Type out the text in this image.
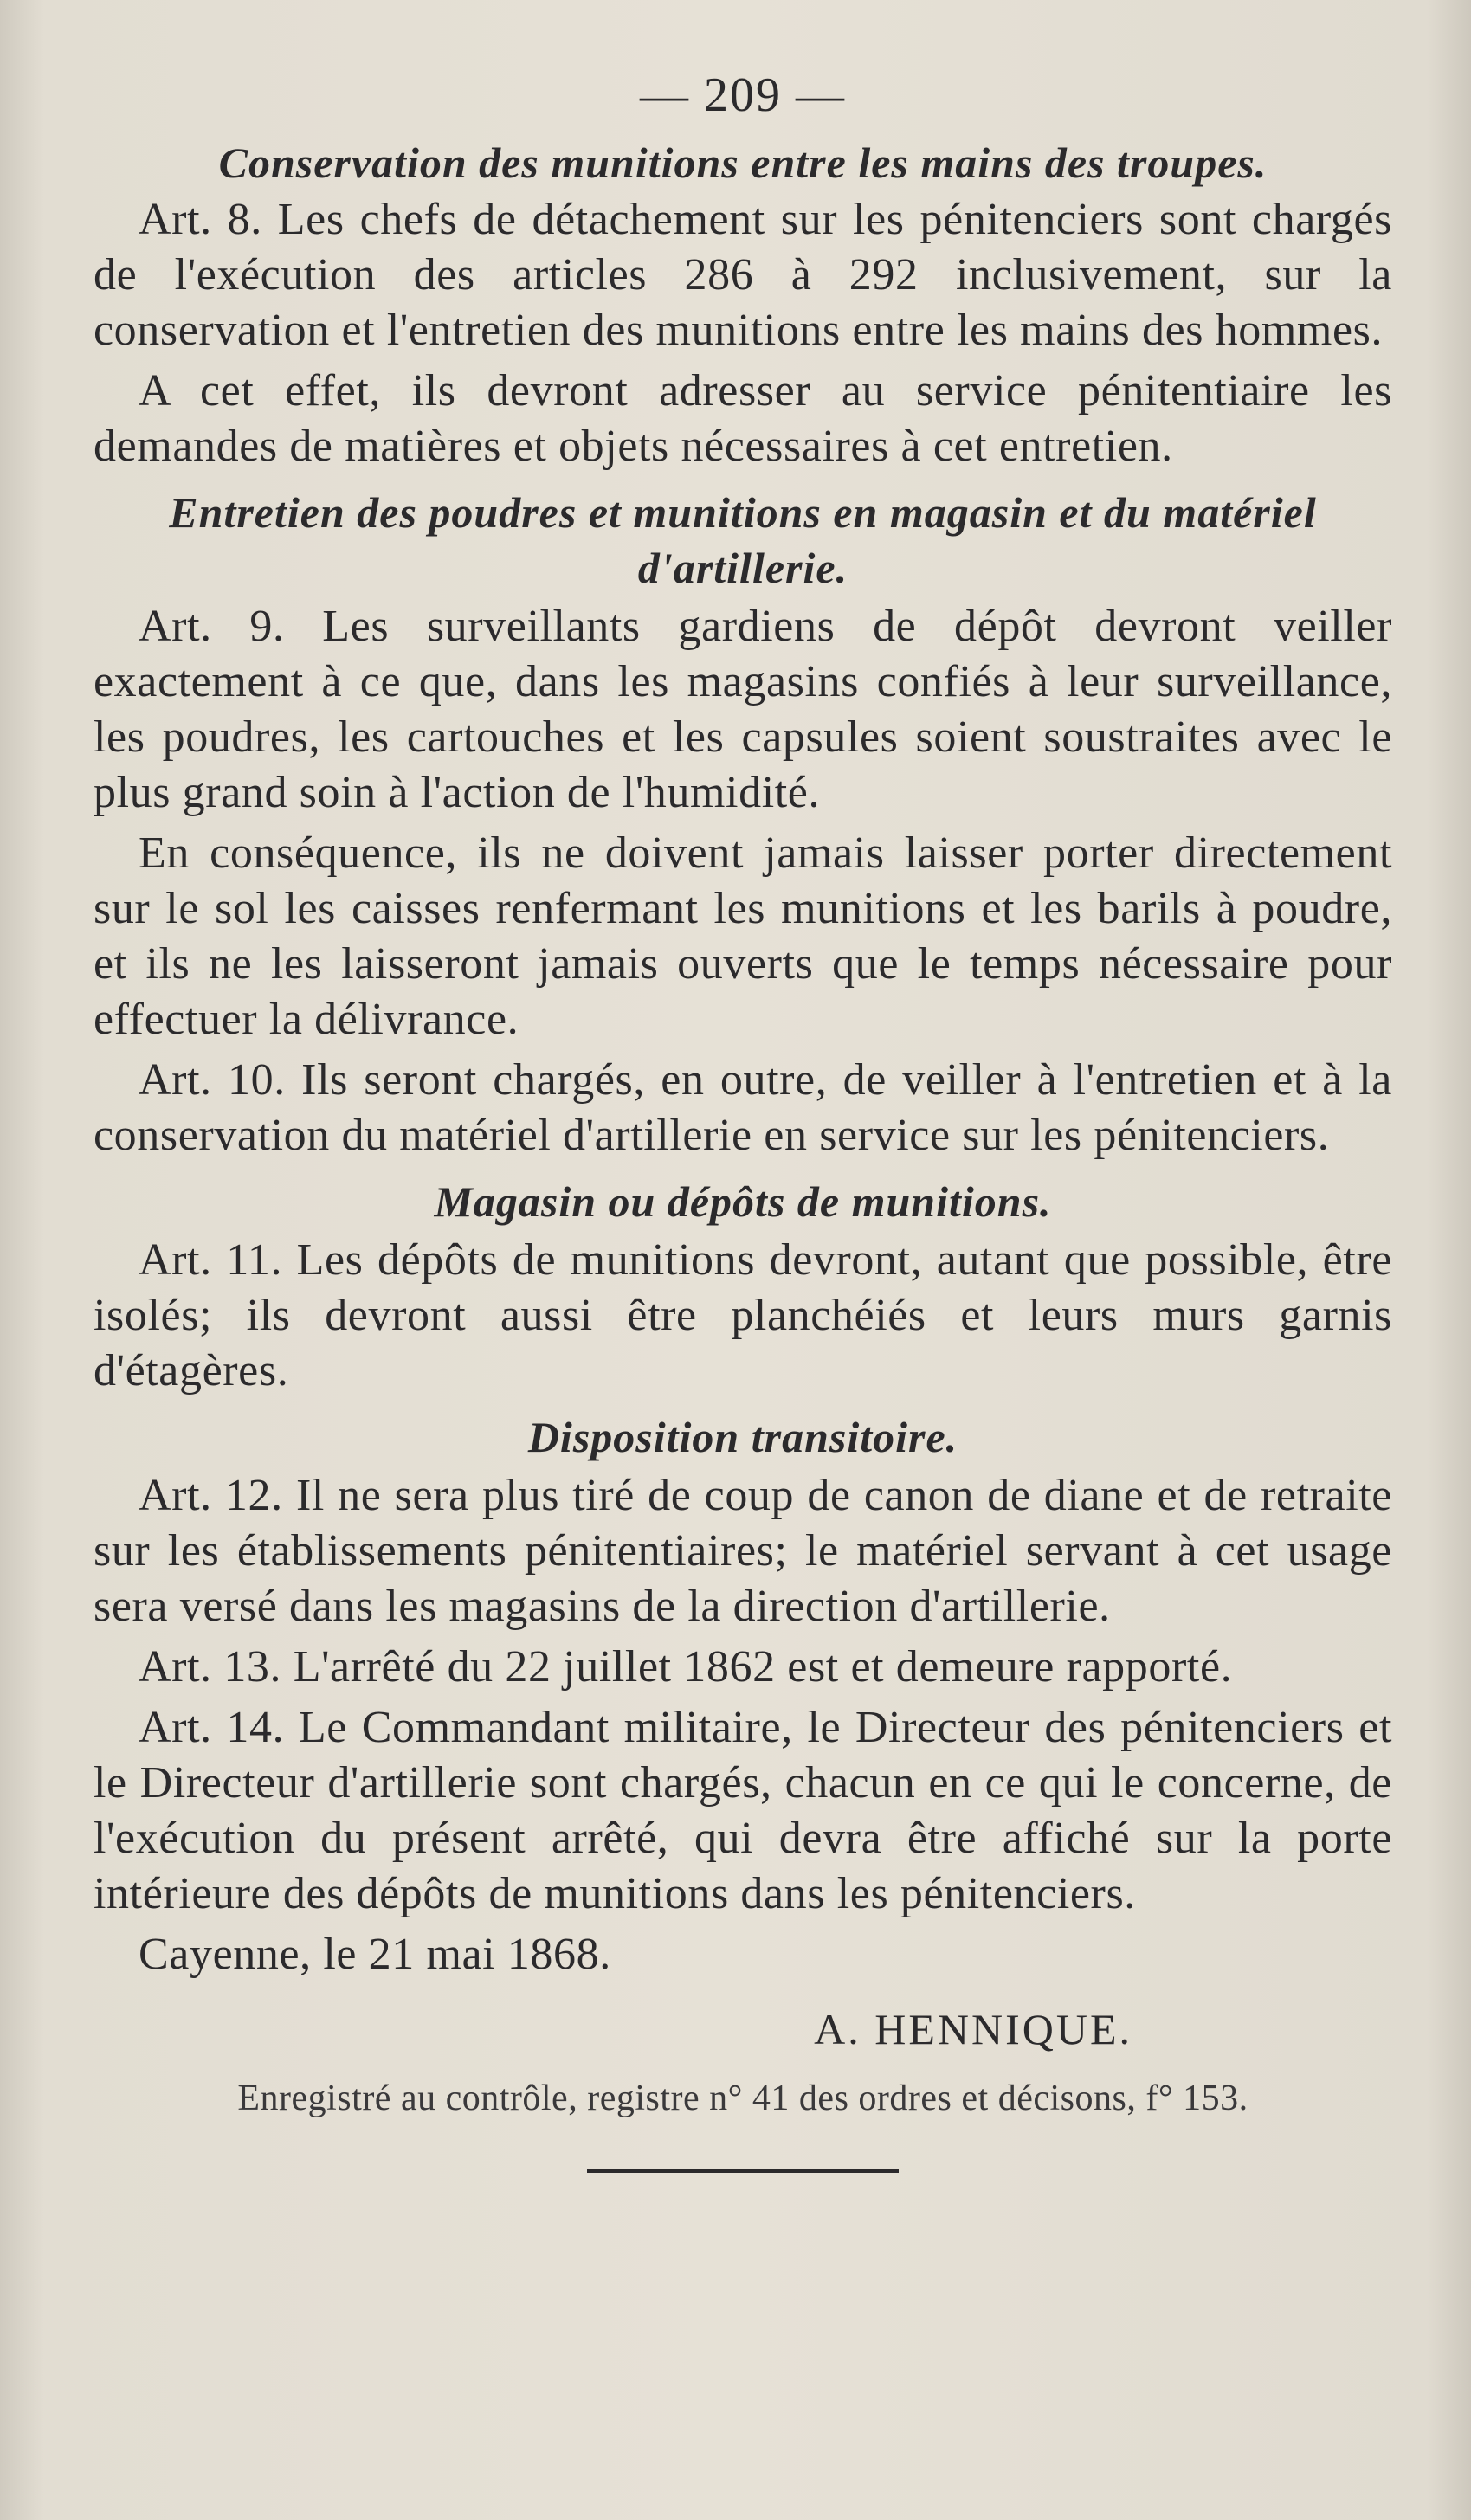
— 209 —
Conservation des munitions entre les mains des troupes.

Art. 8. Les chefs de détachement sur les pénitenciers sont chargés de l'exécution des articles 286 à 292 inclusivement, sur la conservation et l'entretien des munitions entre les mains des hommes.

A cet effet, ils devront adresser au service pénitentiaire les demandes de matières et objets nécessaires à cet entretien.

Entretien des poudres et munitions en magasin et du matériel d'artillerie.

Art. 9. Les surveillants gardiens de dépôt devront veiller exactement à ce que, dans les magasins confiés à leur surveillance, les poudres, les cartouches et les capsules soient soustraites avec le plus grand soin à l'action de l'humidité.

En conséquence, ils ne doivent jamais laisser porter directement sur le sol les caisses renfermant les munitions et les barils à poudre, et ils ne les laisseront jamais ouverts que le temps nécessaire pour effectuer la délivrance.

Art. 10. Ils seront chargés, en outre, de veiller à l'entretien et à la conservation du matériel d'artillerie en service sur les pénitenciers.

Magasin ou dépôts de munitions.

Art. 11. Les dépôts de munitions devront, autant que possible, être isolés; ils devront aussi être planchéiés et leurs murs garnis d'étagères.

Disposition transitoire.

Art. 12. Il ne sera plus tiré de coup de canon de diane et de retraite sur les établissements pénitentiaires; le matériel servant à cet usage sera versé dans les magasins de la direction d'artillerie.

Art. 13. L'arrêté du 22 juillet 1862 est et demeure rapporté.

Art. 14. Le Commandant militaire, le Directeur des pénitenciers et le Directeur d'artillerie sont chargés, chacun en ce qui le concerne, de l'exécution du présent arrêté, qui devra être affiché sur la porte intérieure des dépôts de munitions dans les pénitenciers.

Cayenne, le 21 mai 1868.

A. HENNIQUE.
Enregistré au contrôle, registre n° 41 des ordres et décisons, f° 153.
